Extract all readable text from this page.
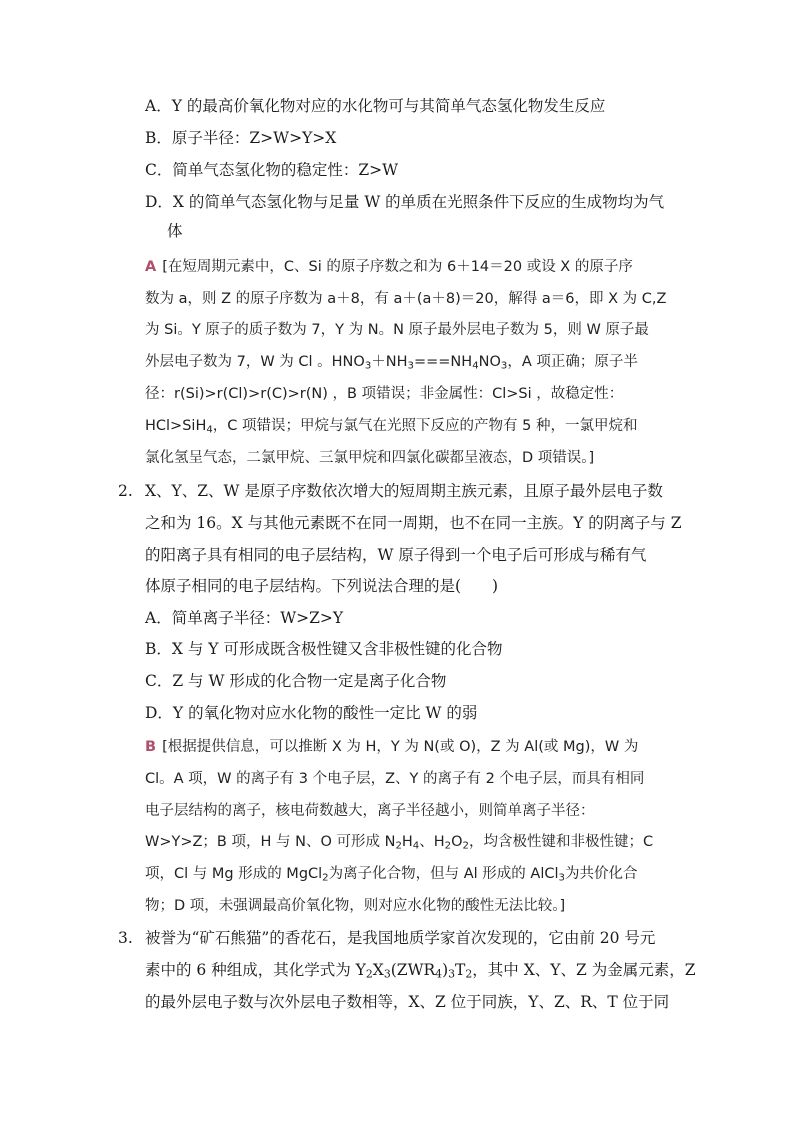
A．Y 的最高价氧化物对应的水化物可与其简单气态氢化物发生反应
B．原子半径：Z>W>Y>X
C．简单气态氢化物的稳定性：Z>W
D．X 的简单气态氢化物与足量 W 的单质在光照条件下反应的生成物均为气
体
A [在短周期元素中，C、Si 的原子序数之和为 6＋14＝20 或设 X 的原子序
数为 a，则 Z 的原子序数为 a＋8，有 a＋(a＋8)＝20，解得 a＝6，即 X 为 C,Z
为 Si。Y 原子的质子数为 7，Y 为 N。N 原子最外层电子数为 5，则 W 原子最
外层电子数为 7，W 为 Cl 。$HNO_3+NH_3===NH_4NO_3$，A 项正确；原子半
径：r(Si)>r(Cl)>r(C)>r(N) ，B 项错误；非金属性：Cl>Si ，故稳定性：
HCl>SiH$_4$，C 项错误；甲烷与氯气在光照下反应的产物有 5 种，一氯甲烷和
氯化氢呈气态，二氯甲烷、三氯甲烷和四氯化碳都呈液态，D 项错误。]
2. X、Y、Z、W 是原子序数依次增大的短周期主族元素，且原子最外层电子数
之和为 16。X 与其他元素既不在同一周期，也不在同一主族。Y 的阴离子与 Z
的阳离子具有相同的电子层结构，W 原子得到一个电子后可形成与稀有气
体原子相同的电子层结构。下列说法合理的是(　　)
A．简单离子半径：W>Z>Y
B．X 与 Y 可形成既含极性键又含非极性键的化合物
C．Z 与 W 形成的化合物一定是离子化合物
D．Y 的氧化物对应水化物的酸性一定比 W 的弱
B [根据提供信息，可以推断 X 为 H，Y 为 N(或 O)，Z 为 Al(或 Mg)，W 为
Cl。A 项，W 的离子有 3 个电子层，Z、Y 的离子有 2 个电子层，而具有相同
电子层结构的离子，核电荷数越大，离子半径越小，则简单离子半径：
W>Y>Z；B 项，H 与 N、O 可形成 $N_2H_4$、$H_2O_2$，均含极性键和非极性键；C
项，Cl 与 Mg 形成的 MgCl$_2$为离子化合物，但与 Al 形成的 AlCl$_3$为共价化合
物；D 项，未强调最高价氧化物，则对应水化物的酸性无法比较。]
3. 被誉为“矿石熊猫”的香花石，是我国地质学家首次发现的，它由前 20 号元
素中的 6 种组成，其化学式为 $Y_2X_3(ZWR_4)_3T_2$，其中 X、Y、Z 为金属元素，Z
的最外层电子数与次外层电子数相等，X、Z 位于同族，Y、Z、R、T 位于同
